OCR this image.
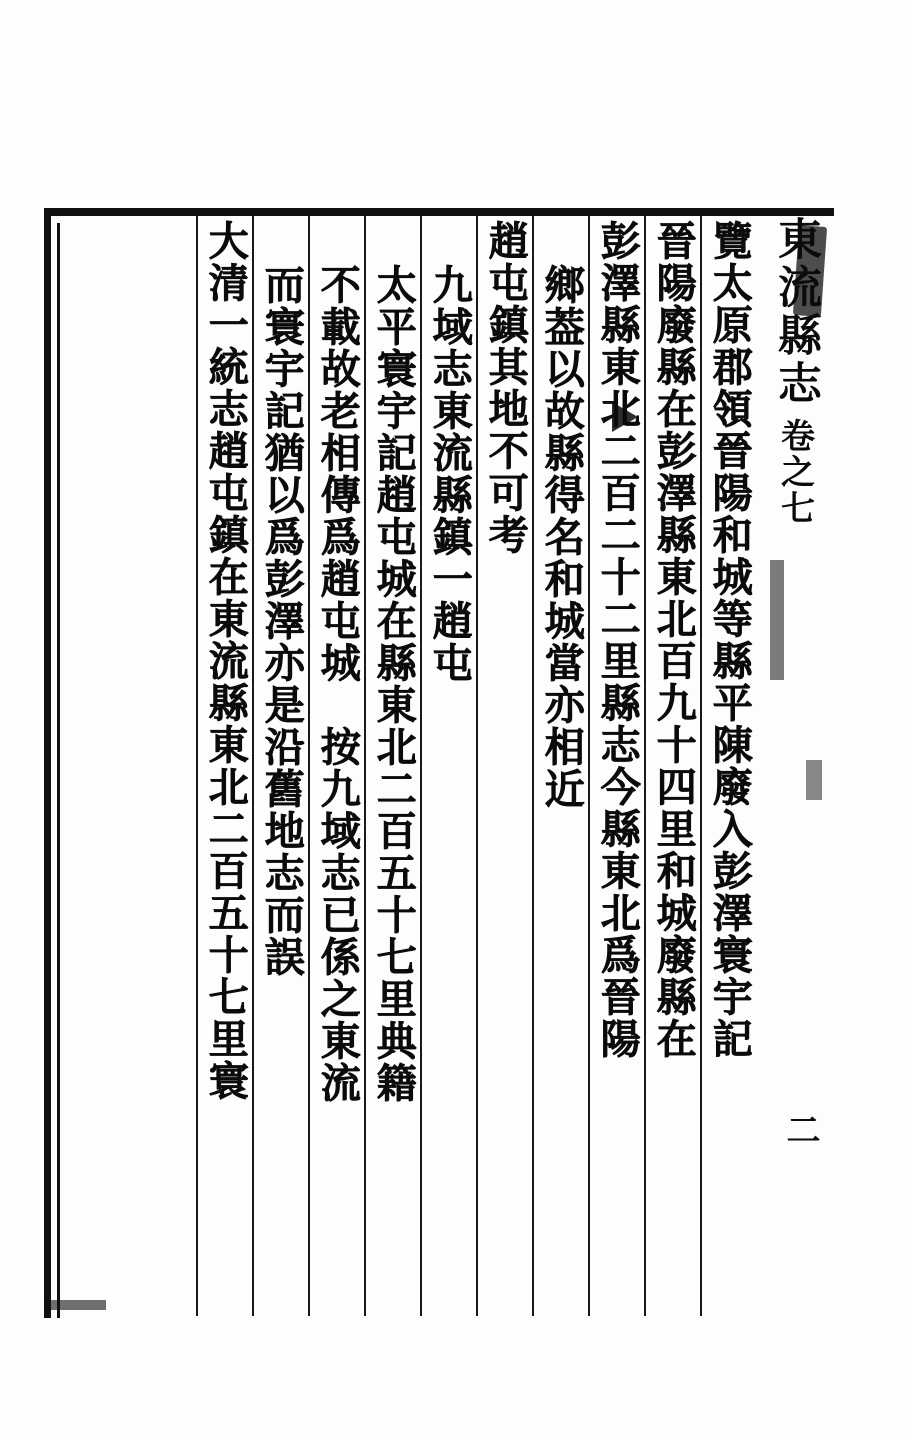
東流縣志
卷之七
二
覽太原郡領晉陽和城等縣平陳廢入彭澤寰宇記
晉陽廢縣在彭澤縣東北百九十四里和城廢縣在
彭澤縣東北二百二十二里縣志今縣東北爲晉陽
鄉葢以故縣得名和城當亦相近
趙屯鎮其地不可考
九域志東流縣鎮一趙屯
太平寰宇記趙屯城在縣東北二百五十七里典籍
不載故老相傳爲趙屯城　按九域志已係之東流
而寰宇記猶以爲彭澤亦是沿舊地志而誤
大清一統志趙屯鎮在東流縣東北二百五十七里寰
